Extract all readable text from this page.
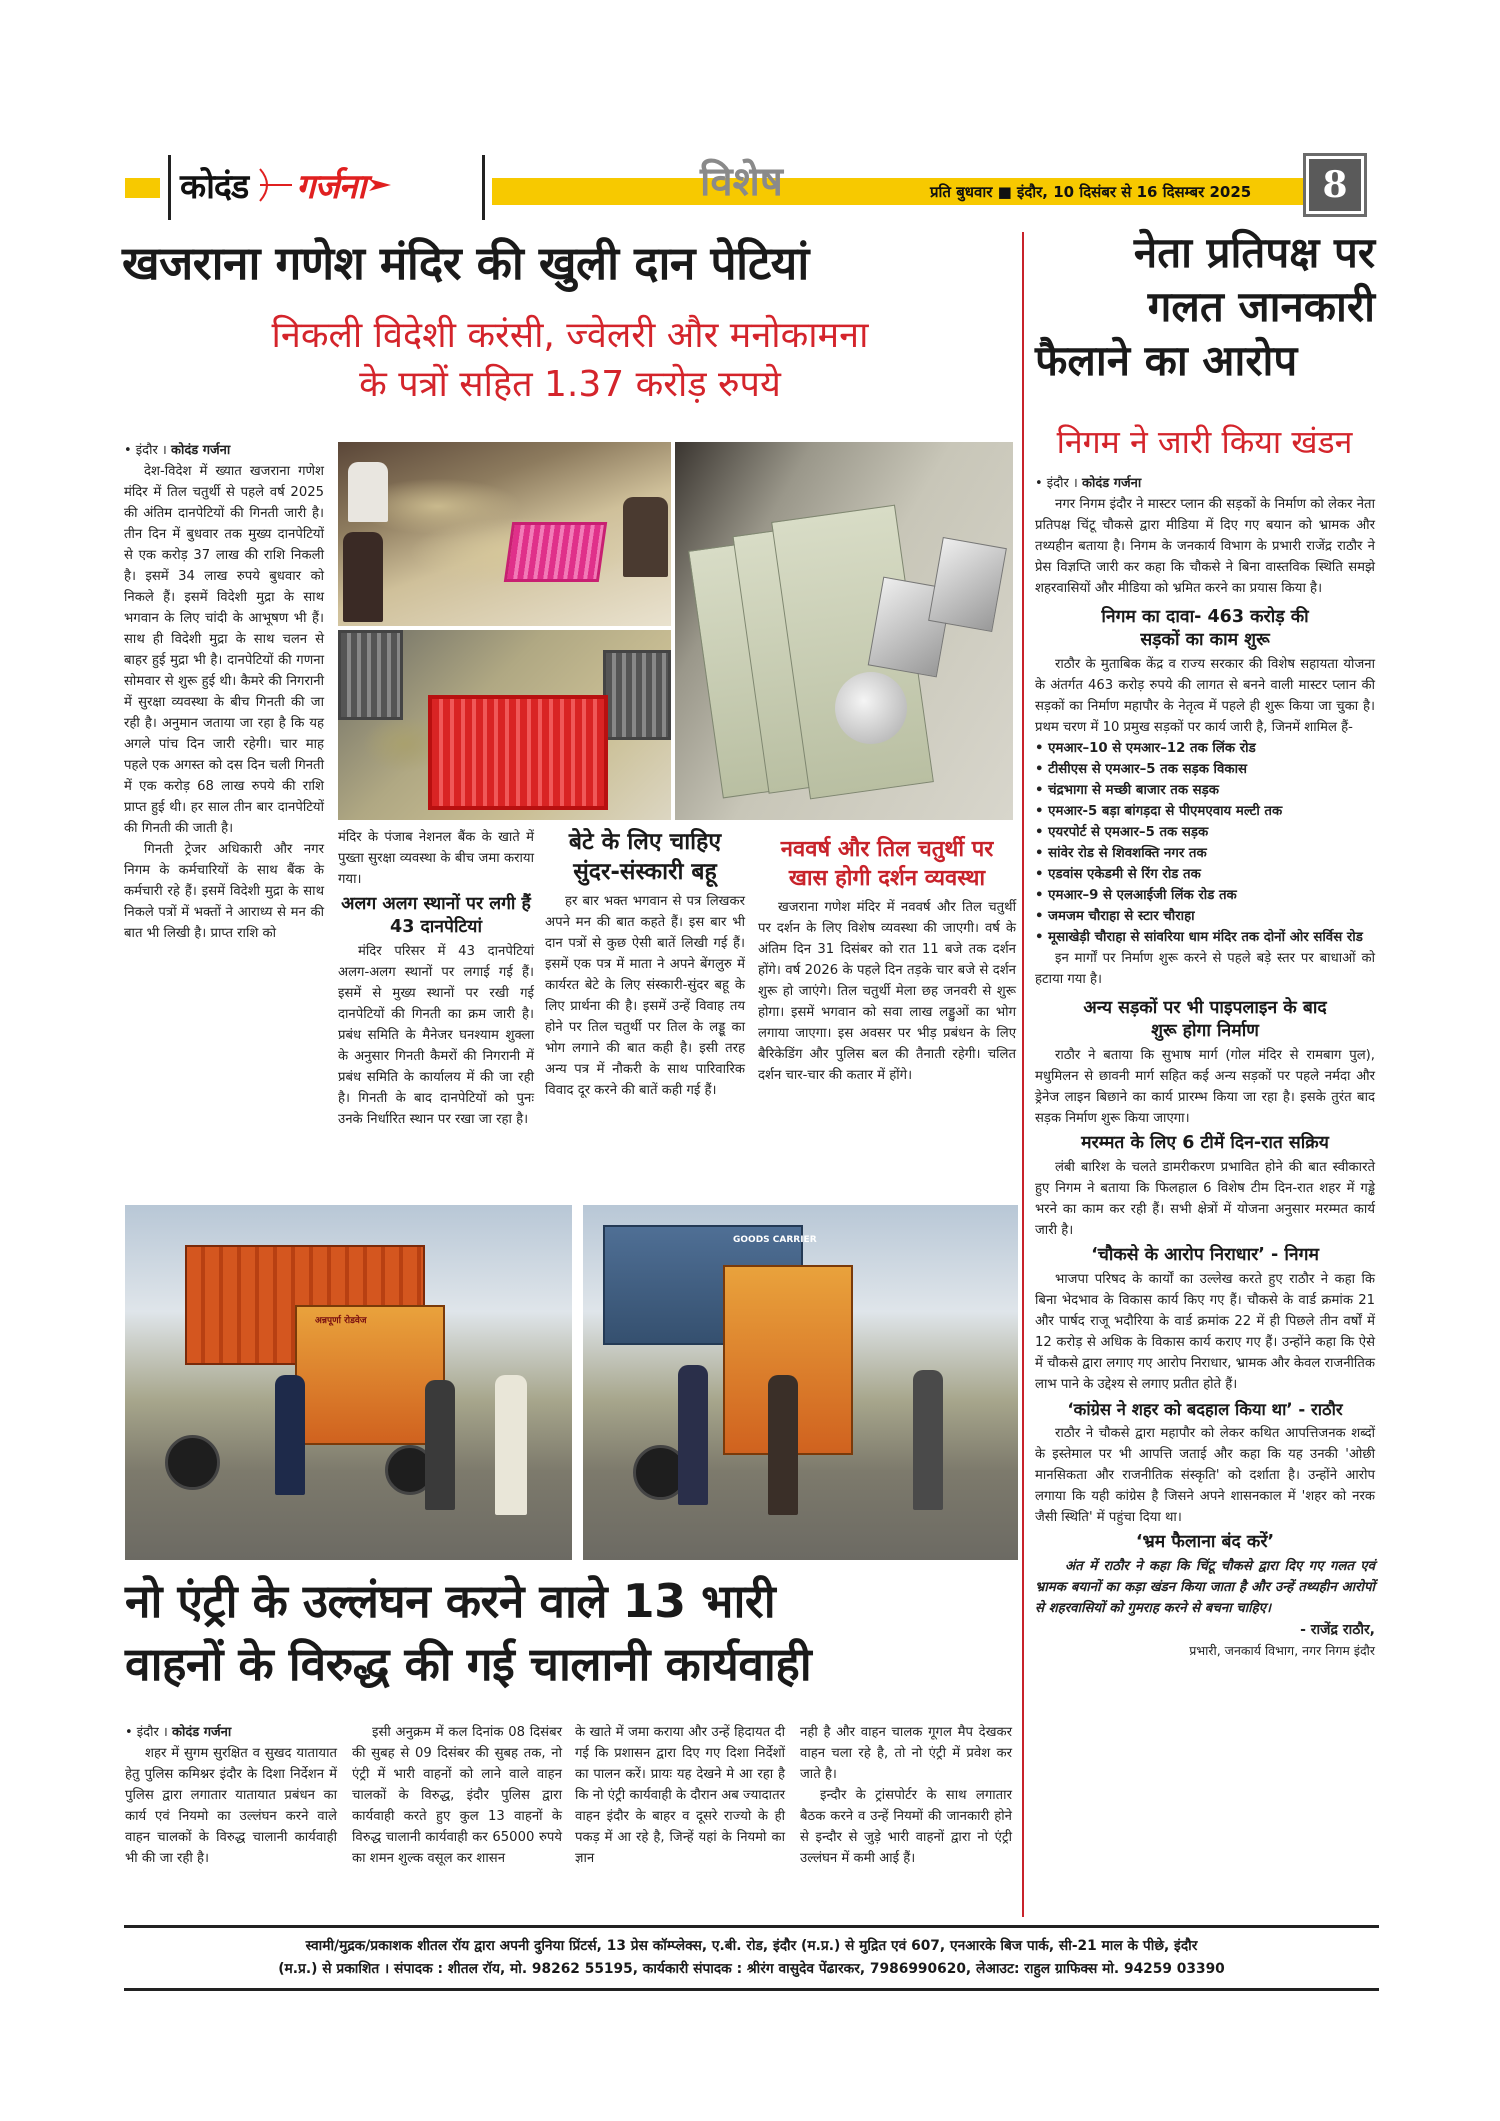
कोदंड गर्जना	विशेष	प्रति बुधवार ■ इंदौर, 10 दिसंबर से 16 दिसम्बर 2025	8
खजराना गणेश मंदिर की खुली दान पेटियां
निकली विदेशी करंसी, ज्वेलरी और मनोकामना
के पत्रों सहित 1.37 करोड़ रुपये
• इंदौर । कोदंड गर्जना

देश-विदेश में ख्यात खजराना गणेश मंदिर में तिल चतुर्थी से पहले वर्ष 2025 की अंतिम दानपेटियों की गिनती जारी है। तीन दिन में बुधवार तक मुख्य दानपेटियों से एक करोड़ 37 लाख की राशि निकली है। इसमें 34 लाख रुपये बुधवार को निकले हैं। इसमें विदेशी मुद्रा के साथ भगवान के लिए चांदी के आभूषण भी हैं। साथ ही विदेशी मुद्रा के साथ चलन से बाहर हुई मुद्रा भी है। दानपेटियों की गणना सोमवार से शुरू हुई थी। कैमरे की निगरानी में सुरक्षा व्यवस्था के बीच गिनती की जा रही है। अनुमान जताया जा रहा है कि यह अगले पांच दिन जारी रहेगी। चार माह पहले एक अगस्त को दस दिन चली गिनती में एक करोड़ 68 लाख रुपये की राशि प्राप्त हुई थी। हर साल तीन बार दानपेटियों की गिनती की जाती है।

गिनती ट्रेजर अधिकारी और नगर निगम के कर्मचारियों के साथ बैंक के कर्मचारी रहे हैं। इसमें विदेशी मुद्रा के साथ निकले पत्रों में भक्तों ने आराध्य से मन की बात भी लिखी है। प्राप्त राशि को

मंदिर के पंजाब नेशनल बैंक के खाते में पुख्ता सुरक्षा व्यवस्था के बीच जमा कराया गया।
अलग अलग स्थानों पर लगी हैं 43 दानपेटियां

मंदिर परिसर में 43 दानपेटियां अलग-अलग स्थानों पर लगाई गई हैं। इसमें से मुख्य स्थानों पर रखी गई दानपेटियों की गिनती का क्रम जारी है। प्रबंध समिति के मैनेजर घनश्याम शुक्ला के अनुसार गिनती कैमरों की निगरानी में प्रबंध समिति के कार्यालय में की जा रही है। गिनती के बाद दानपेटियों को पुनः उनके निर्धारित स्थान पर रखा जा रहा है।

बेटे के लिए चाहिए सुंदर-संस्कारी बहू

हर बार भक्त भगवान से पत्र लिखकर अपने मन की बात कहते हैं। इस बार भी दान पत्रों से कुछ ऐसी बातें लिखी गई हैं। इसमें एक पत्र में माता ने अपने बेंगलुरु में कार्यरत बेटे के लिए संस्कारी-सुंदर बहू के लिए प्रार्थना की है। इसमें उन्हें विवाह तय होने पर तिल चतुर्थी पर तिल के लड्डू का भोग लगाने की बात कही है। इसी तरह अन्य पत्र में नौकरी के साथ पारिवारिक विवाद दूर करने की बातें कही गई हैं।

नववर्ष और तिल चतुर्थी पर खास होगी दर्शन व्यवस्था

खजराना गणेश मंदिर में नववर्ष और तिल चतुर्थी पर दर्शन के लिए विशेष व्यवस्था की जाएगी। वर्ष के अंतिम दिन 31 दिसंबर को रात 11 बजे तक दर्शन होंगे। वर्ष 2026 के पहले दिन तड़के चार बजे से दर्शन शुरू हो जाएंगे। तिल चतुर्थी मेला छह जनवरी से शुरू होगा। इसमें भगवान को सवा लाख लड्डुओं का भोग लगाया जाएगा। इस अवसर पर भीड़ प्रबंधन के लिए बैरिकेडिंग और पुलिस बल की तैनाती रहेगी। चलित दर्शन चार-चार की कतार में होंगे।

अन्नपूर्णा रोडवेज
GOODS CARRIER
नो एंट्री के उल्लंघन करने वाले 13 भारी
वाहनों के विरुद्ध की गई चालानी कार्यवाही
• इंदौर । कोदंड गर्जना

शहर में सुगम सुरक्षित व सुखद यातायात हेतु पुलिस कमिश्नर इंदौर के दिशा निर्देशन में पुलिस द्वारा लगातार यातायात प्रबंधन का कार्य एवं नियमो का उल्लंघन करने वाले वाहन चालकों के विरुद्ध चालानी कार्यवाही भी की जा रही है।

इसी अनुक्रम में कल दिनांक 08 दिसंबर की सुबह से 09 दिसंबर की सुबह तक, नो एंट्री में भारी वाहनों को लाने वाले वाहन चालकों के विरुद्ध, इंदौर पुलिस द्वारा कार्यवाही करते हुए कुल 13 वाहनों के विरुद्ध चालानी कार्यवाही कर 65000 रुपये का शमन शुल्क वसूल कर शासन

के खाते में जमा कराया और उन्हें हिदायत दी गई कि प्रशासन द्वारा दिए गए दिशा निर्देशों का पालन करें। प्रायः यह देखने मे आ रहा है कि नो एंट्री कार्यवाही के दौरान अब ज्यादातर वाहन इंदौर के बाहर व दूसरे राज्यो के ही पकड़ में आ रहे है, जिन्हें यहां के नियमो का ज्ञान
नही है और वाहन चालक गूगल मैप देखकर वाहन चला रहे है, तो नो एंट्री में प्रवेश कर जाते है।

इन्दौर के ट्रांसपोर्टर के साथ लगातार बैठक करने व उन्हें नियमों की जानकारी होने से इन्दौर से जुड़े भारी वाहनों द्वारा नो एंट्री उल्लंघन में कमी आई हैं।

नेता प्रतिपक्ष पर
गलत जानकारी
फैलाने का आरोप
निगम ने जारी किया खंडन
• इंदौर । कोदंड गर्जना

नगर निगम इंदौर ने मास्टर प्लान की सड़कों के निर्माण को लेकर नेता प्रतिपक्ष चिंटू चौकसे द्वारा मीडिया में दिए गए बयान को भ्रामक और तथ्यहीन बताया है। निगम के जनकार्य विभाग के प्रभारी राजेंद्र राठौर ने प्रेस विज्ञप्ति जारी कर कहा कि चौकसे ने बिना वास्तविक स्थिति समझे शहरवासियों और मीडिया को भ्रमित करने का प्रयास किया है।

निगम का दावा- 463 करोड़ की सड़कों का काम शुरू

राठौर के मुताबिक केंद्र व राज्य सरकार की विशेष सहायता योजना के अंतर्गत 463 करोड़ रुपये की लागत से बनने वाली मास्टर प्लान की सड़कों का निर्माण महापौर के नेतृत्व में पहले ही शुरू किया जा चुका है। प्रथम चरण में 10 प्रमुख सड़कों पर कार्य जारी है, जिनमें शामिल हैं-

• एमआर–10 से एमआर–12 तक लिंक रोड
• टीसीएस से एमआर–5 तक सड़क विकास
• चंद्रभागा से मच्छी बाजार तक सड़क
• एमआर-5 बड़ा बांगड़दा से पीएमएवाय मल्टी तक
• एयरपोर्ट से एमआर–5 तक सड़क
• सांवेर रोड से शिवशक्ति नगर तक
• एडवांस एकेडमी से रिंग रोड तक
• एमआर–9 से एलआईजी लिंक रोड तक
• जमजम चौराहा से स्टार चौराहा
• मूसाखेड़ी चौराहा से सांवरिया धाम मंदिर तक दोनों ओर सर्विस रोड

इन मार्गों पर निर्माण शुरू करने से पहले बड़े स्तर पर बाधाओं को हटाया गया है।

अन्य सड़कों पर भी पाइपलाइन के बाद शुरू होगा निर्माण

राठौर ने बताया कि सुभाष मार्ग (गोल मंदिर से रामबाग पुल), मधुमिलन से छावनी मार्ग सहित कई अन्य सड़कों पर पहले नर्मदा और ड्रेनेज लाइन बिछाने का कार्य प्रारम्भ किया जा रहा है। इसके तुरंत बाद सड़क निर्माण शुरू किया जाएगा।

मरम्मत के लिए 6 टीमें दिन-रात सक्रिय

लंबी बारिश के चलते डामरीकरण प्रभावित होने की बात स्वीकारते हुए निगम ने बताया कि फिलहाल 6 विशेष टीम दिन-रात शहर में गड्ढे भरने का काम कर रही हैं। सभी क्षेत्रों में योजना अनुसार मरम्मत कार्य जारी है।

‘चौकसे के आरोप निराधार’ - निगम

भाजपा परिषद के कार्यों का उल्लेख करते हुए राठौर ने कहा कि बिना भेदभाव के विकास कार्य किए गए हैं। चौकसे के वार्ड क्रमांक 21 और पार्षद राजू भदौरिया के वार्ड क्रमांक 22 में ही पिछले तीन वर्षों में 12 करोड़ से अधिक के विकास कार्य कराए गए हैं। उन्होंने कहा कि ऐसे में चौकसे द्वारा लगाए गए आरोप निराधार, भ्रामक और केवल राजनीतिक लाभ पाने के उद्देश्य से लगाए प्रतीत होते हैं।

‘कांग्रेस ने शहर को बदहाल किया था’ - राठौर

राठौर ने चौकसे द्वारा महापौर को लेकर कथित आपत्तिजनक शब्दों के इस्तेमाल पर भी आपत्ति जताई और कहा कि यह उनकी 'ओछी मानसिकता और राजनीतिक संस्कृति' को दर्शाता है। उन्होंने आरोप लगाया कि यही कांग्रेस है जिसने अपने शासनकाल में 'शहर को नरक जैसी स्थिति' में पहुंचा दिया था।

‘भ्रम फैलाना बंद करें’

अंत में राठौर ने कहा कि चिंटू चौकसे द्वारा दिए गए गलत एवं भ्रामक बयानों का कड़ा खंडन किया जाता है और उन्हें तथ्यहीन आरोपों से शहरवासियों को गुमराह करने से बचना चाहिए।

- राजेंद्र राठौर,
प्रभारी, जनकार्य विभाग, नगर निगम इंदौर
स्वामी/मुद्रक/प्रकाशक शीतल रॉय द्वारा अपनी दुनिया प्रिंटर्स, 13 प्रेस कॉम्प्लेक्स, ए.बी. रोड, इंदौर (म.प्र.) से मुद्रित एवं 607, एनआरके बिज पार्क, सी-21 माल के पीछे, इंदौर
(म.प्र.) से प्रकाशित । संपादक : शीतल रॉय, मो. 98262 55195, कार्यकारी संपादक : श्रीरंग वासुदेव पेंढारकर, 7986990620, लेआउट: राहुल ग्राफिक्स मो. 94259 03390
